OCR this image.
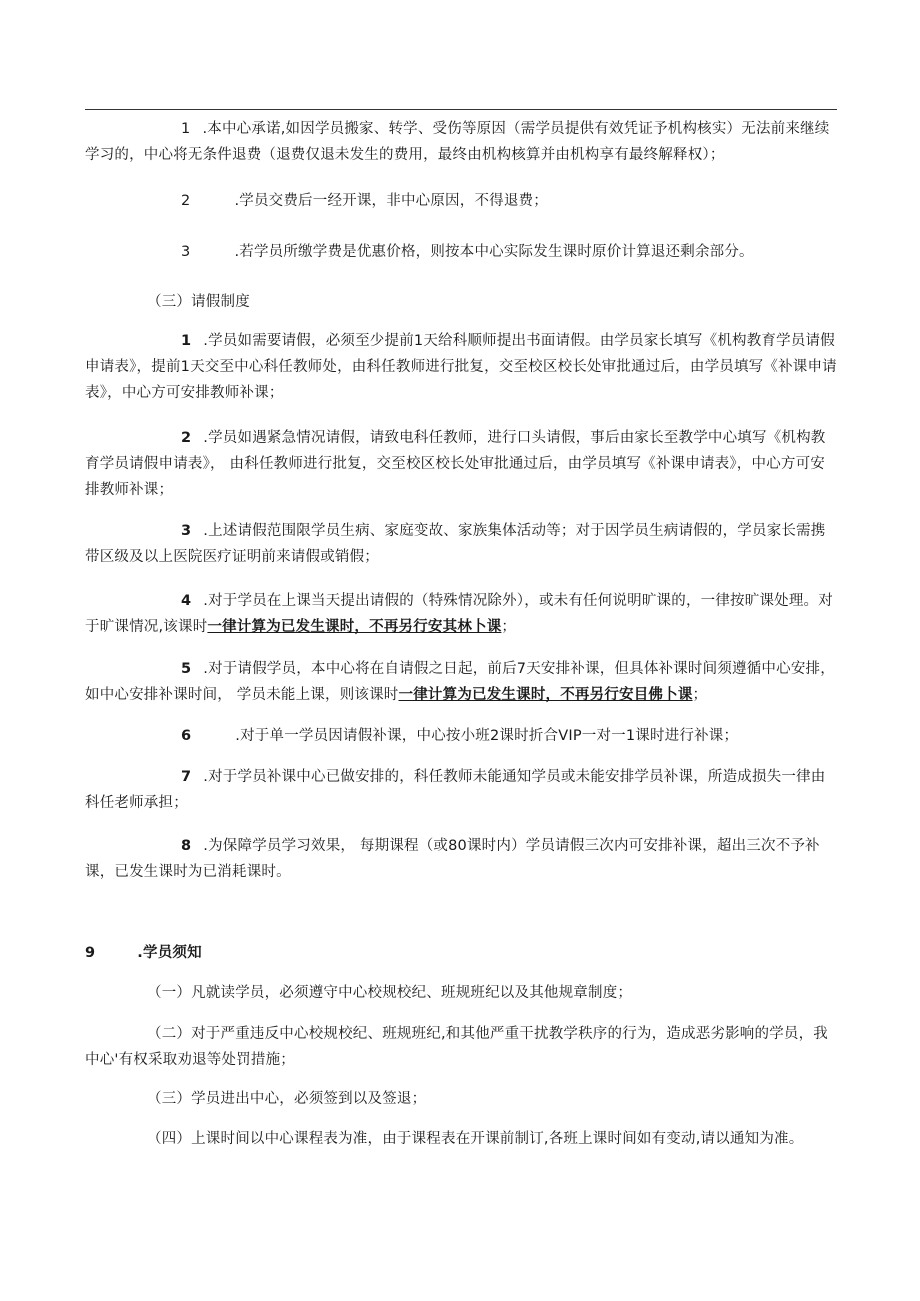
1 .本中心承诺,如因学员搬家、转学、受伤等原因（需学员提供有效凭证予机构核实）无法前来继续学习的，中心将无条件退费（退费仅退未发生的费用，最终由机构核算并由机构享有最终解释权）；

2	.学员交费后一经开课，非中心原因，不得退费；

3	.若学员所缴学费是优惠价格，则按本中心实际发生课时原价计算退还剩余部分。

（三）请假制度

1 .学员如需要请假，必须至少提前1天给科顺师提出书面请假。由学员家长填写《机构教育学员请假申请表》，提前1天交至中心科任教师处，由科任教师进行批复，交至校区校长处审批通过后，由学员填写《补课申请表》，中心方可安排教师补课；

2 .学员如遇紧急情况请假，请致电科任教师，进行口头请假，事后由家长至教学中心填写《机构教育学员请假申请表》， 由科任教师进行批复，交至校区校长处审批通过后，由学员填写《补课申请表》，中心方可安排教师补课；

3 .上述请假范围限学员生病、家庭变故、家族集体活动等；对于因学员生病请假的，学员家长需携带区级及以上医院医疗证明前来请假或销假；

4 .对于学员在上课当天提出请假的（特殊情况除外），或未有任何说明旷课的，一律按旷课处理。对于旷课情况,该课时一律计算为已发生课时，不再另行安其林卜课；

5 .对于请假学员，本中心将在自请假之日起，前后7天安排补课，但具体补课时间须遵循中心安排，如中心安排补课时间， 学员未能上课，则该课时一律计算为已发生课时，不再另行安目佛卜课；

6	.对于单一学员因请假补课，中心按小班2课时折合VIP一对一1课时进行补课；

7 .对于学员补课中心已做安排的，科任教师未能通知学员或未能安排学员补课，所造成损失一律由科任老师承担；

8 .为保障学员学习效果， 每期课程（或80课时内）学员请假三次内可安排补课，超出三次不予补课，已发生课时为已消耗课时。

9	.学员须知

（一）凡就读学员，必须遵守中心校规校纪、班规班纪以及其他规章制度；

（二）对于严重违反中心校规校纪、班规班纪,和其他严重干扰教学秩序的行为，造成恶劣影响的学员，我中心'有权采取劝退等处罚措施；

（三）学员进出中心，必须签到以及签退；

（四）上课时间以中心课程表为准，由于课程表在开课前制订,各班上课时间如有变动,请以通知为准。
